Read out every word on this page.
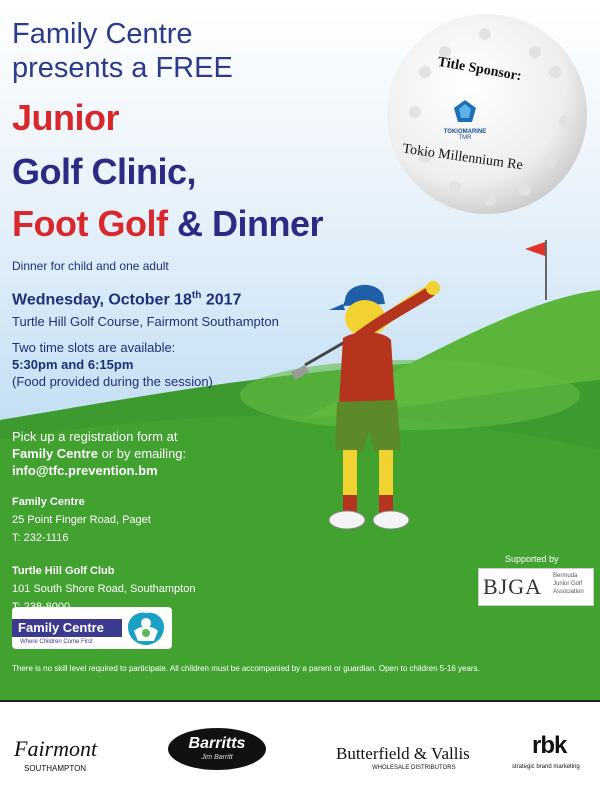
Family Centre
presents a FREE
Junior
Golf Clinic,
Foot Golf & Dinner
Dinner for child and one adult
Wednesday, October 18th 2017
Turtle Hill Golf Course, Fairmont Southampton
Two time slots are available:
5:30pm and 6:15pm
(Food provided during the session)
Pick up a registration form at
Family Centre or by emailing:
info@tfc.prevention.bm
Family Centre
25 Point Finger Road, Paget
T: 232-1116
Turtle Hill Golf Club
101 South Shore Road, Southampton
Family Centre
Where Children Come First
Title Sponsor:
TOKIOMARINE
TMR
Tokio Millennium Re
Supported by
BJGA Bermuda
Junior Golf
Association
There is no skill level required to participate. All children must be accompanied by a parent or guardian. Open to children 5-16 years.
Fairmont
SOUTHAMPTON
Barritts
Jim Barritt	Butterfield & Vallis
WHOLESALE DISTRIBUTORS
rbk
strategic brand marketing
